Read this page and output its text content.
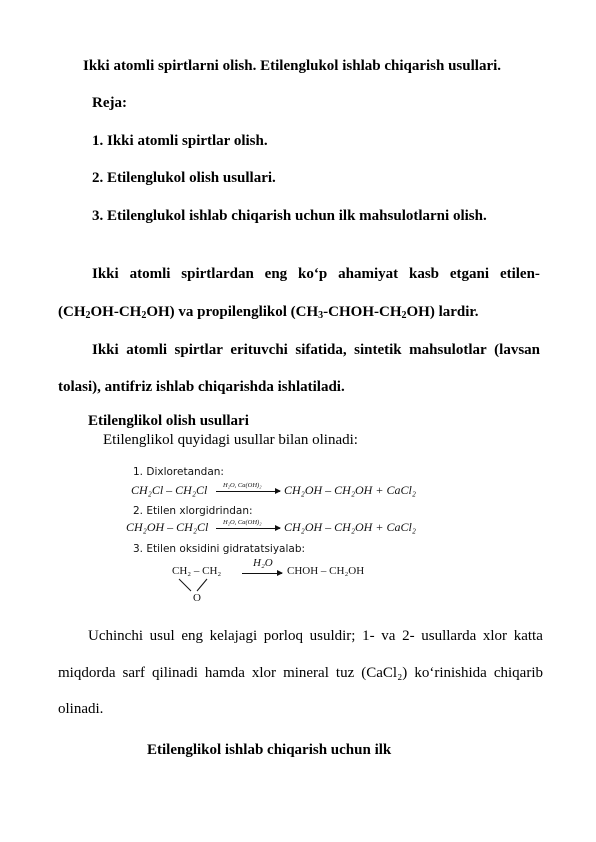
Ikki atomli spirtlarni olish. Etilenglukol ishlab chiqarish usullari.
Reja:
1. Ikki atomli spirtlar olish.
2. Etilenglukol olish usullari.
3. Etilenglukol ishlab chiqarish uchun ilk mahsulotlarni olish.
Ikki atomli spirtlardan eng ko‘p ahamiyat kasb etgani etilen-
$(CH_2OH-CH_2OH)$ va propilenglikol $(CH_3-CHOH-CH_2OH)$ lardir.
Ikki atomli spirtlar erituvchi sifatida, sintetik mahsulotlar (lavsan
tolasi), antifriz ishlab chiqarishda ishlatiladi.
Etilenglikol olish usullari
Etilenglikol quyidagi usullar bilan olinadi:
1. Dixloretandan:
CH₂Cl – CH₂Cl H₂O, Ca(OH)₂ → CH₂OH – CH₂OH + CaCl₂
2. Etilen xlorgidrindan:
CH₂OH – CH₂Cl H₂O, Ca(OH)₂ → CH₂OH – CH₂OH + CaCl₂
3. Etilen oksidini gidratatsiyalab:
CH₂ – CH₂
O
H₂O
→ CHOH – CH₂OH
Uchinchi usul eng kelajagi porloq usuldir; 1- va 2- usullarda xlor katta
miqdorda sarf qilinadi hamda xlor mineral tuz (CaCl₂) ko‘rinishida chiqarib
olinadi.
Etilenglikol ishlab chiqarish uchun ilk
